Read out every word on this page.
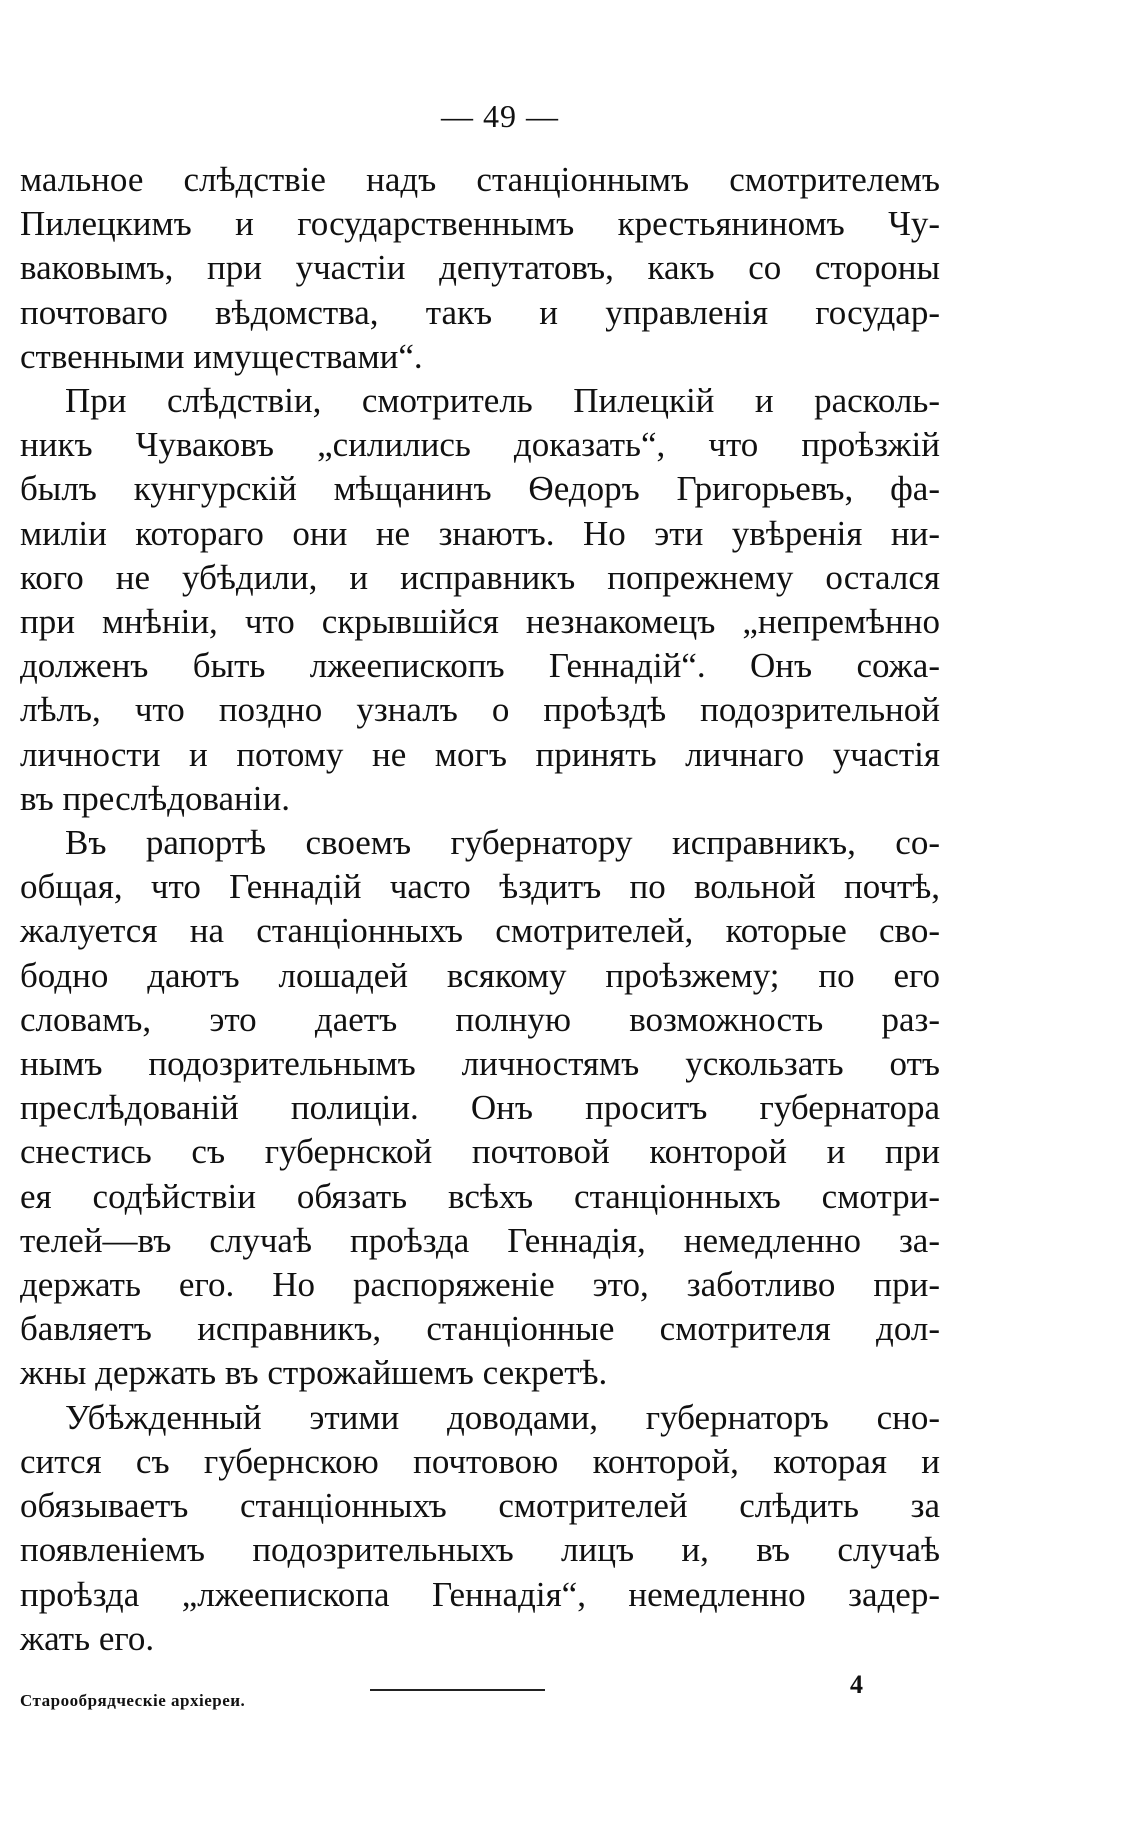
— 49 —
мальное слѣдствіе надъ станціоннымъ смотрителемъ
Пилецкимъ и государственнымъ крестьяниномъ Чу-
ваковымъ, при участіи депутатовъ, какъ со стороны
почтоваго вѣдомства, такъ и управленія государ-
ственными имуществами“.
При слѣдствіи, смотритель Пилецкій и расколь-
никъ Чуваковъ „силились доказать“, что проѣзжій
былъ кунгурскій мѣщанинъ Ѳедоръ Григорьевъ, фа-
миліи котораго они не знаютъ. Но эти увѣренія ни-
кого не убѣдили, и исправникъ попрежнему остался
при мнѣніи, что скрывшійся незнакомецъ „непремѣнно
долженъ быть лжеепископъ Геннадій“. Онъ сожа-
лѣлъ, что поздно узналъ о проѣздѣ подозрительной
личности и потому не могъ принять личнаго участія
въ преслѣдованіи.
Въ рапортѣ своемъ губернатору исправникъ, со-
общая, что Геннадій часто ѣздитъ по вольной почтѣ,
жалуется на станціонныхъ смотрителей, которые сво-
бодно даютъ лошадей всякому проѣзжему; по его
словамъ, это даетъ полную возможность раз-
нымъ подозрительнымъ личностямъ ускользать отъ
преслѣдованій полиціи. Онъ проситъ губернатора
снестись съ губернской почтовой конторой и при
ея содѣйствіи обязать всѣхъ станціонныхъ смотри-
телей—въ случаѣ проѣзда Геннадія, немедленно за-
держать его. Но распоряженіе это, заботливо при-
бавляетъ исправникъ, станціонные смотрителя дол-
жны держать въ строжайшемъ секретѣ.
Убѣжденный этими доводами, губернаторъ сно-
сится съ губернскою почтовою конторой, которая и
обязываетъ станціонныхъ смотрителей слѣдить за
появленіемъ подозрительныхъ лицъ и, въ случаѣ
проѣзда „лжеепископа Геннадія“, немедленно задер-
жать его.
Старообрядческіе архіереи.
4
